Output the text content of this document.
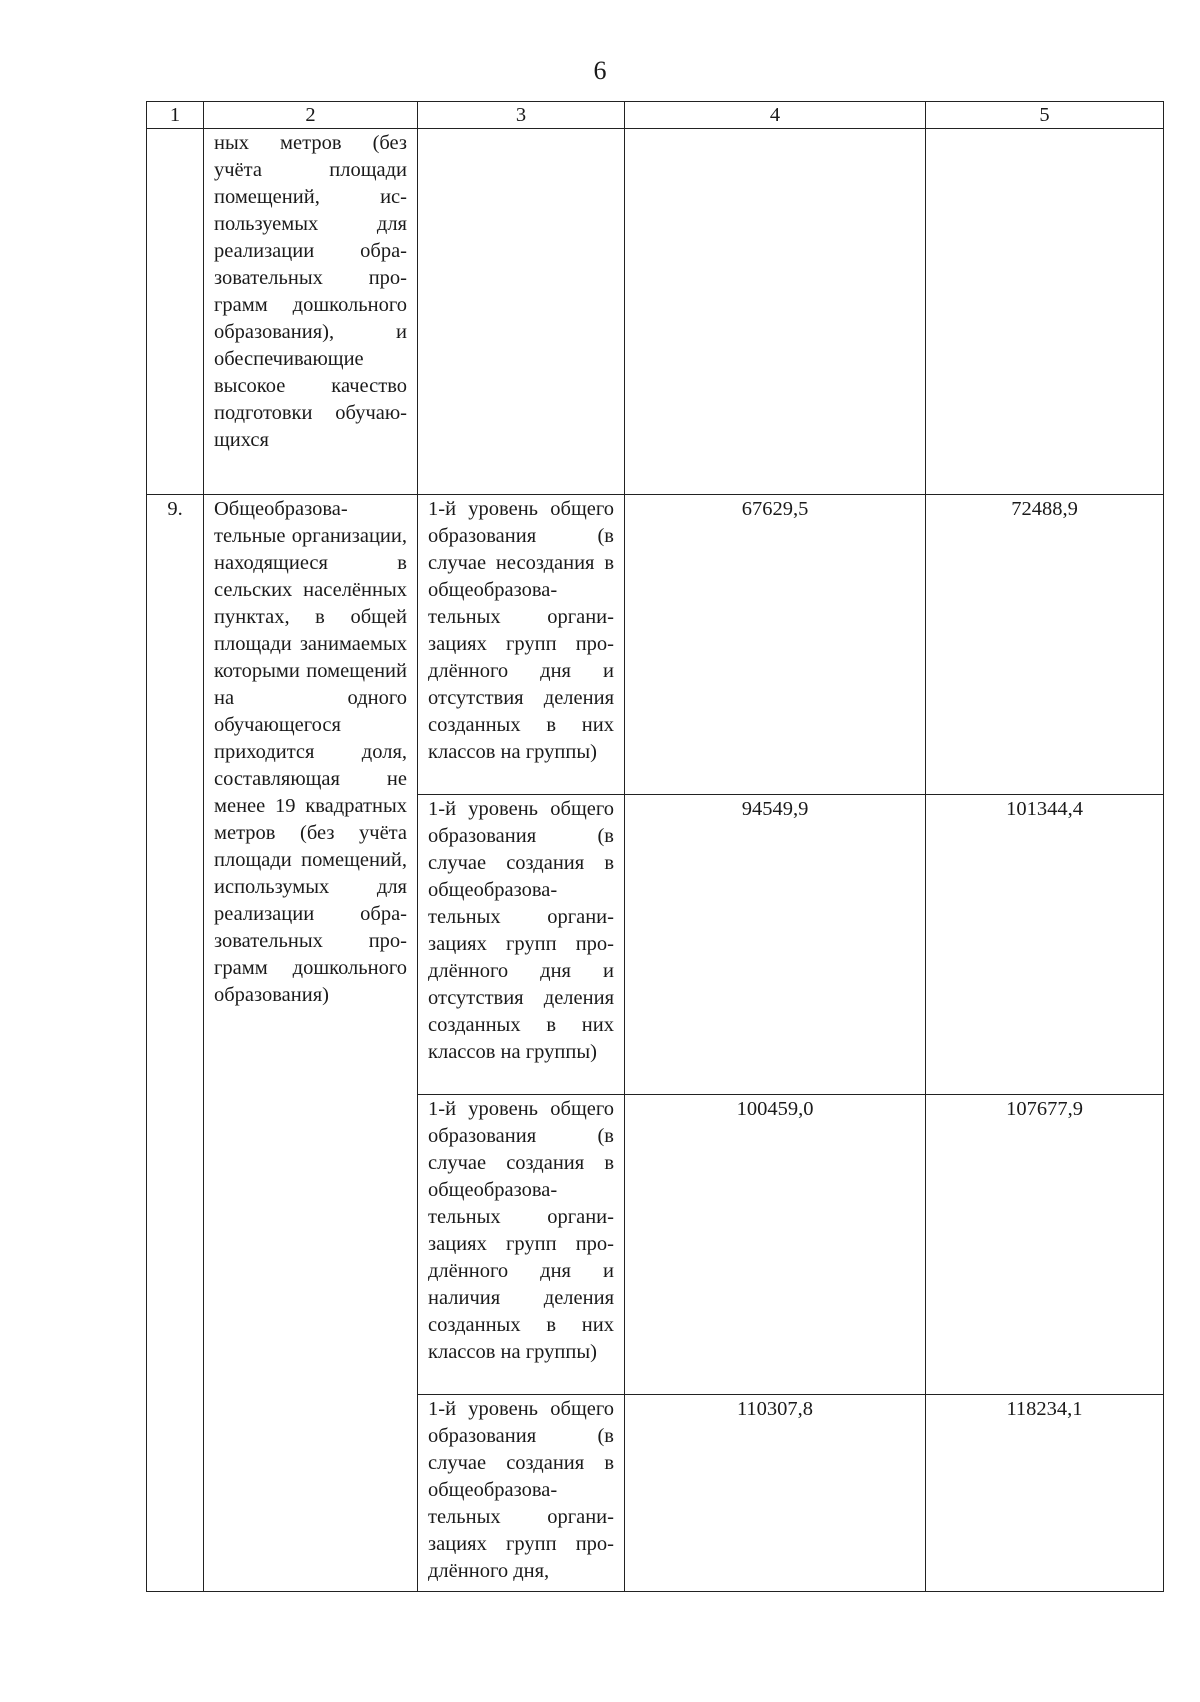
6
1	2	3	4	5
	ных метров (без учёта площади помещений, используемых для реализации образовательных программ дошкольного образования), и обеспечивающие высокое качество подготовки обучающихся			
9.	Общеобразовательные организации, находящиеся в сельских населённых пунктах, в общей площади занимаемых которыми помещений на одного обучающегося приходится доля, составляющая не менее 19 квадратных метров (без учёта площади помещений, использумых для реализации образовательных программ дошкольного образования)	1-й уровень общего образования (в случае несоздания в общеобразовательных организациях групп продлённого дня и отсутствия деления созданных в них классов на группы)	67629,5	72488,9
		1-й уровень общего образования (в случае создания в общеобразовательных организациях групп продлённого дня и отсутствия деления созданных в них классов на группы)	94549,9	101344,4
		1-й уровень общего образования (в случае создания в общеобразовательных организациях групп продлённого дня и наличия деления созданных в них классов на группы)	100459,0	107677,9
		1-й уровень общего образования (в случае создания в общеобразовательных организациях групп продлённого дня,	110307,8	118234,1
